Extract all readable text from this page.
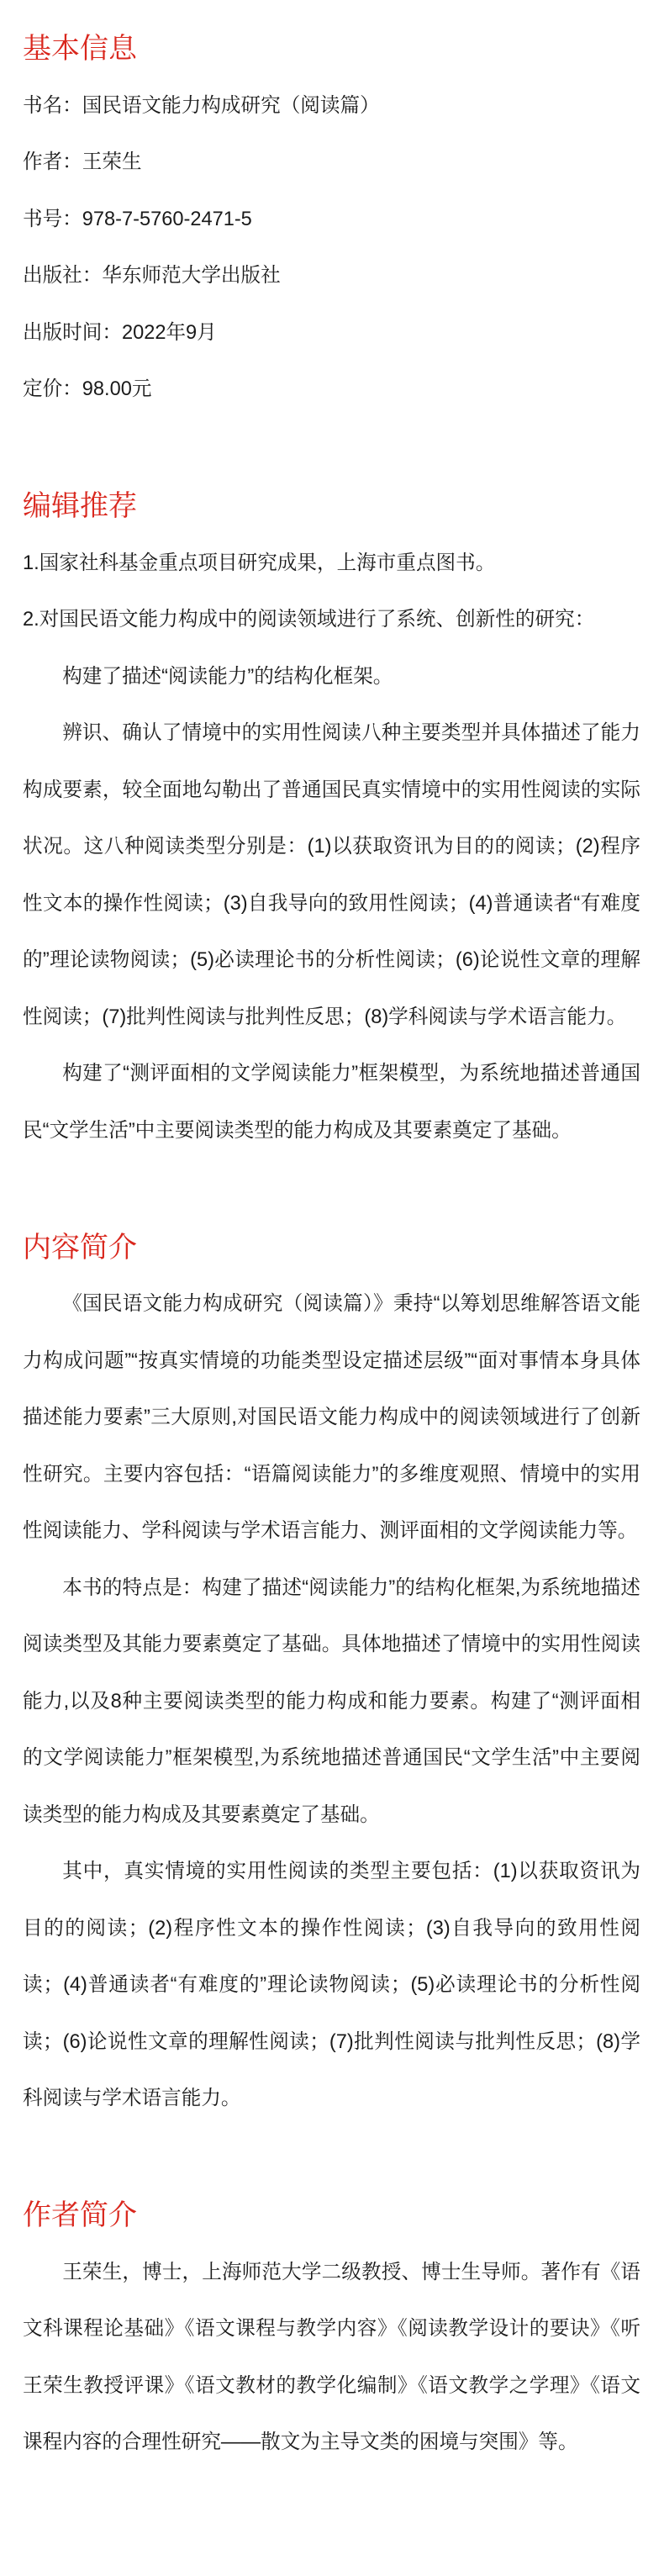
基本信息

书名：国民语文能力构成研究（阅读篇）

作者：王荣生

书号：978-7-5760-2471-5

出版社：华东师范大学出版社

出版时间：2022年9月

定价：98.00元

编辑推荐

1.国家社科基金重点项目研究成果，上海市重点图书。

2.对国民语文能力构成中的阅读领域进行了系统、创新性的研究：

构建了描述“阅读能力”的结构化框架。

辨识、确认了情境中的实用性阅读八种主要类型并具体描述了能力构成要素，较全面地勾勒出了普通国民真实情境中的实用性阅读的实际状况。这八种阅读类型分别是：(1)以获取资讯为目的的阅读；(2)程序性文本的操作性阅读；(3)自我导向的致用性阅读；(4)普通读者“有难度的”理论读物阅读；(5)必读理论书的分析性阅读；(6)论说性文章的理解性阅读；(7)批判性阅读与批判性反思；(8)学科阅读与学术语言能力。

构建了“测评面相的文学阅读能力”框架模型，为系统地描述普通国民“文学生活”中主要阅读类型的能力构成及其要素奠定了基础。

内容简介

《国民语文能力构成研究（阅读篇）》秉持“以筹划思维解答语文能力构成问题”“按真实情境的功能类型设定描述层级”“面对事情本身具体描述能力要素”三大原则,对国民语文能力构成中的阅读领域进行了创新性研究。主要内容包括：“语篇阅读能力”的多维度观照、情境中的实用性阅读能力、学科阅读与学术语言能力、测评面相的文学阅读能力等。

本书的特点是：构建了描述“阅读能力”的结构化框架,为系统地描述阅读类型及其能力要素奠定了基础。具体地描述了情境中的实用性阅读能力,以及8种主要阅读类型的能力构成和能力要素。构建了“测评面相的文学阅读能力”框架模型,为系统地描述普通国民“文学生活”中主要阅读类型的能力构成及其要素奠定了基础。

其中，真实情境的实用性阅读的类型主要包括：(1)以获取资讯为目的的阅读；(2)程序性文本的操作性阅读；(3)自我导向的致用性阅读；(4)普通读者“有难度的”理论读物阅读；(5)必读理论书的分析性阅读；(6)论说性文章的理解性阅读；(7)批判性阅读与批判性反思；(8)学科阅读与学术语言能力。

作者简介

王荣生，博士，上海师范大学二级教授、博士生导师。著作有《语文科课程论基础》《语文课程与教学内容》《阅读教学设计的要诀》《听王荣生教授评课》《语文教材的教学化编制》《语文教学之学理》《语文课程内容的合理性研究——散文为主导文类的困境与突围》等。
